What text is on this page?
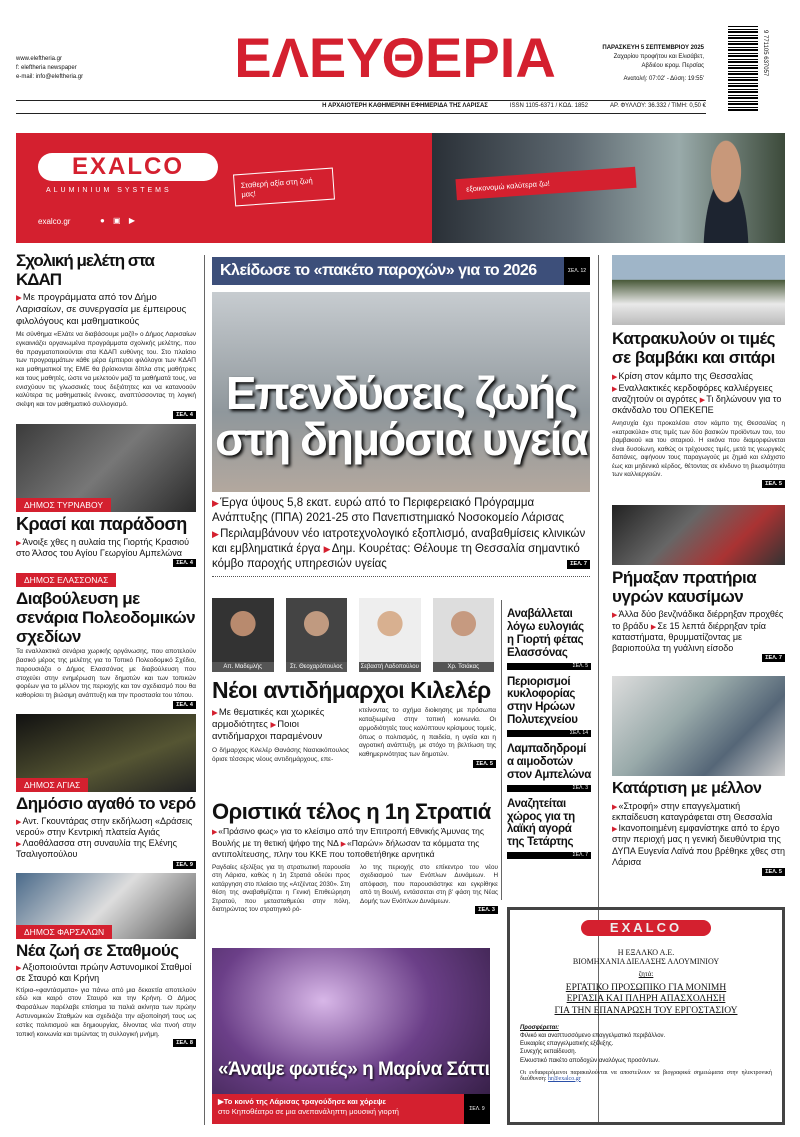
www.eleftheria.gr
f: eleftheria newspaper
e-mail: info@eleftheria.gr	ΕΛΕΥΘΕΡΙΑ	ΠΑΡΑΣΚΕΥΗ 5 ΣΕΠΤΕΜΒΡΙΟΥ 2025
Ζαχαρίου προφήτου και Ελισάβετ,
Αβδιέου ιερομ. Περσίας
Ανατολή: 07:02' - Δύση: 19:55'
9 771105 637057
Η ΑΡΧΑΙΟΤΕΡΗ ΚΑΘΗΜΕΡΙΝΗ ΕΦΗΜΕΡΙΔΑ ΤΗΣ ΛΑΡΙΣΑΣ	ISSN 1105-6371 / ΚΩΔ. 1852	ΑΡ. ΦΥΛΛΟΥ: 36.332 / ΤΙΜΗ: 0,50 €
EXALCO
ALUMINIUM SYSTEMS
exalco.gr	● ▣ ▶
Σταθερή αξία στη ζωή μας!
εξοικονομώ καλύτερα ζω!
Σχολική μελέτη στα ΚΔΑΠ
▶ Με προγράμματα από τον Δήμο Λαρισαίων, σε συνεργασία με έμπειρους φιλολόγους και μαθηματικούς
Με σύνθημα «Ελάτε να διαβάσουμε μαζί!» ο Δήμος Λαρισαίων εγκαινιάζει οργανωμένα προγράμματα σχολικής μελέτης, που θα πραγματοποιούνται στα ΚΔΑΠ ευθύνης του. Στο πλαίσιο των προγραμμάτων κάθε μέρα έμπειροι φιλόλογοι των ΚΔΑΠ και μαθηματικοί της ΕΜΕ θα βρίσκονται δίπλα στις μαθήτριες και τους μαθητές, ώστε να μελετούν μαζί τα μαθήματά τους, να ενισχύουν τις γλωσσικές τους δεξιότητες και να κατανοούν καλύτερα τις μαθηματικές έννοιες, αναπτύσσοντας τη λογική σκέψη και τον μαθηματικό συλλογισμό.
ΣΕΛ. 4
ΔΗΜΟΣ ΤΥΡΝΑΒΟΥ
Κρασί και παράδοση
▶ Άνοιξε χθες η αυλαία της Γιορτής Κρασιού στο Άλσος του Αγίου Γεωργίου Αμπελώνα
ΣΕΛ. 4
ΔΗΜΟΣ ΕΛΑΣΣΟΝΑΣ
Διαβούλευση με σενάρια Πολεοδομικών σχεδίων
Τα εναλλακτικά σενάρια χωρικής οργάνωσης, που αποτελούν βασικό μέρος της μελέτης για το Τοπικό Πολεοδομικό Σχέδιο, παρουσιάζει ο Δήμος Ελασσόνας με διαβούλευση που στοχεύει στην ενημέρωση των δημοτών και των τοπικών φορέων για το μέλλον της περιοχής και τον σχεδιασμό που θα καθορίσει τη βιώσιμη ανάπτυξη και την προστασία του τόπου.
ΣΕΛ. 4
ΔΗΜΟΣ ΑΓΙΑΣ
Δημόσιο αγαθό το νερό
▶ Αντ. Γκουντάρας στην εκδήλωση «Δράσεις νερού» στην Κεντρική πλατεία Αγιάς ▶ Λαοθάλασσα στη συναυλία της Ελένης Τσαλιγοπούλου
ΣΕΛ. 9
ΔΗΜΟΣ ΦΑΡΣΑΛΩΝ
Νέα ζωή σε Σταθμούς
▶ Αξιοποιούνται πρώην Αστυνομικοί Σταθμοί σε Σταυρό και Κρήνη
Κτίρια-«φαντάσματα» για πάνω από μια δεκαετία αποτελούν εδώ και καιρό στον Σταυρό και την Κρήνη. Ο Δήμος Φαρσάλων παρέλαβε επίσημα τα παλιά ακίνητα των πρώην Αστυνομικών Σταθμών και σχεδιάζει την αξιοποίησή τους ως εστίες πολιτισμού και δημιουργίας, δίνοντας νέα πνοή στην τοπική κοινωνία και τιμώντας τη συλλογική μνήμη.
ΣΕΛ. 8
Κλείδωσε το «πακέτο παροχών» για το 2026	ΣΕΛ. 12
Επενδύσεις ζωής
στη δημόσια υγεία
▶ Έργα ύψους 5,8 εκατ. ευρώ από το Περιφερειακό Πρόγραμμα Ανάπτυξης (ΠΠΑ) 2021-25 στο Πανεπιστημιακό Νοσοκομείο Λάρισας
▶ Περιλαμβάνουν νέο ιατροτεχνολογικό εξοπλισμό, αναβαθμίσεις κλινικών και εμβληματικά έργα ▶ Δημ. Κουρέτας: Θέλουμε τη Θεσσαλία σημαντικό κόμβο παροχής υπηρεσιών υγείας	ΣΕΛ. 7
Απ. Μαδεμλής	Στ. Θεοχαρόπουλος	Σεβαστή Λαδοπούλου	Χρ. Τσιάκας
Νέοι αντιδήμαρχοι Κιλελέρ
▶ Με θεματικές και χωρικές αρμοδιότητες ▶ Ποιοι αντιδήμαρχοι παραμένουν
Ο δήμαρχος Κιλελέρ Θανάσης Νασιακόπουλος όρισε τέσσερις νέους αντιδημάρχους, επε-
κτείνοντας το σχήμα διοίκησης με πρόσωπα καταξιωμένα στην τοπική κοινωνία. Οι αρμοδιότητές τους καλύπτουν κρίσιμους τομείς, όπως ο πολιτισμός, η παιδεία, η υγεία και η αγροτική ανάπτυξη, με στόχο τη βελτίωση της καθημερινότητας των δημοτών.
ΣΕΛ. 5
Οριστικά τέλος η 1η Στρατιά
▶ «Πράσινο φως» για το κλείσιμο από την Επιτροπή Εθνικής Άμυνας της Βουλής με τη θετική ψήφο της ΝΔ ▶ «Παρών» δήλωσαν τα κόμματα της αντιπολίτευσης, πλην του ΚΚΕ που τοποθετήθηκε αρνητικά
Ραγδαίες εξελίξεις για τη στρατιωτική παρουσία στη Λάρισα, καθώς η 1η Στρατιά οδεύει προς κατάργηση στο πλαίσιο της «Ατζέντας 2030». Στη θέση της αναβαθμίζεται η Γενική Επιθεώρηση Στρατού, που μετασταθμεύει στην πόλη, διατηρώντας τον στρατηγικό ρό-
λο της περιοχής στο επίκεντρο του νέου σχεδιασμού των Ενόπλων Δυνάμεων. Η απόφαση, που παρουσιάστηκε και εγκρίθηκε από τη Βουλή, εντάσσεται στη β' φάση της Νέας Δομής των Ενόπλων Δυνάμεων.
ΣΕΛ. 3
«Άναψε φωτιές» η Μαρίνα Σάττι
▶Το κοινό της Λάρισας τραγούδησε και χόρεψε
στο Κηποθέατρο σε μια ανεπανάληπτη μουσική γιορτή	ΣΕΛ. 9
Αναβάλλεται λόγω ευλογιάς η Γιορτή φέτας Ελασσόνας
ΣΕΛ. 5
Περιορισμοί κυκλοφορίας στην Ηρώων Πολυτεχνείου
ΣΕΛ. 14
Λαμπαδηδρομία αιμοδοτών στον Αμπελώνα
ΣΕΛ. 3
Αναζητείται χώρος για τη λαϊκή αγορά της Τετάρτης
ΣΕΛ. 7
Κατρακυλούν οι τιμές σε βαμβάκι και σιτάρι
▶ Κρίση στον κάμπο της Θεσσαλίας
▶ Εναλλακτικές κερδοφόρες καλλιέργειες αναζητούν οι αγρότες ▶ Τι δηλώνουν για το σκάνδαλο του ΟΠΕΚΕΠΕ
Ανησυχία έχει προκαλέσει στον κάμπο της Θεσσαλίας η «κατρακύλα» στις τιμές των δύο βασικών προϊόντων του, του βαμβακιού και του σιταριού. Η εικόνα που διαμορφώνεται είναι δυσοίωνη, καθώς οι τρέχουσες τιμές, μετά τις γεωργικές δαπάνες, αφήνουν τους παραγωγούς με ζημιά και ελάχιστο έως και μηδενικό κέρδος, θέτοντας σε κίνδυνο τη βιωσιμότητα των καλλιεργειών.
ΣΕΛ. 5
Ρήμαξαν πρατήρια υγρών καυσίμων
▶ Άλλα δύο βενζινάδικα διέρρηξαν προχθές το βράδυ ▶ Σε 15 λεπτά διέρρηξαν τρία καταστήματα, θρυμματίζοντας με βαριοπούλα τη γυάλινη είσοδο
ΣΕΛ. 7
Κατάρτιση με μέλλον
▶ «Στροφή» στην επαγγελματική εκπαίδευση καταγράφεται στη Θεσσαλία
▶ Ικανοποιημένη εμφανίστηκε από το έργο στην περιοχή μας η γενική διευθύντρια της ΔΥΠΑ Ευγενία Λαϊνά που βρέθηκε χθες στη Λάρισα
ΣΕΛ. 5
EXALCO
Η ΕΞΑΛΚΟ Α.Ε.
ΒΙΟΜΗΧΑΝΙΑ ΔΙΕΛΑΣΗΣ ΑΛΟΥΜΙΝΙΟΥ
ζητά:
ΕΡΓΑΤΙΚΟ ΠΡΟΣΩΠΙΚΟ ΓΙΑ ΜΟΝΙΜΗ
ΕΡΓΑΣΙΑ ΚΑΙ ΠΛΗΡΗ ΑΠΑΣΧΟΛΗΣΗ
ΓΙΑ ΤΗΝ ΕΠΑΝΑΡΩΣΗ ΤΟΥ ΕΡΓΟΣΤΑΣΙΟΥ
Προσφέρεται:
Φιλικό και αναπτυσσόμενο επαγγελματικό περιβάλλον.
Ευκαιρίες επαγγελματικής εξέλιξης.
Συνεχής εκπαίδευση.
Ελκυστικό πακέτο αποδοχών αναλόγως προσόντων.
Οι ενδιαφερόμενοι παρακαλούνται να αποστείλουν τα βιογραφικά σημειώματα στην ηλεκτρονική διεύθυνση: hr@exalco.gr
